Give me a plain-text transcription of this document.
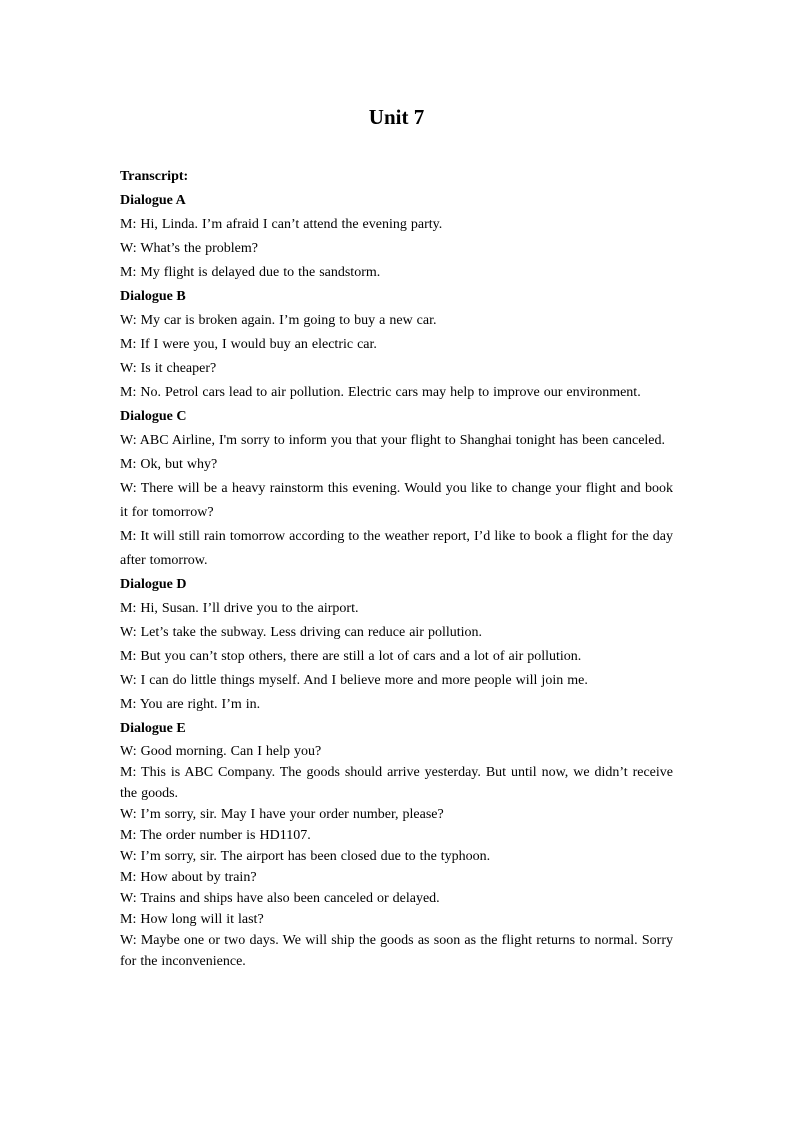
Unit 7
Transcript:
Dialogue A
M: Hi, Linda. I’m afraid I can’t attend the evening party.
W: What’s the problem?
M: My flight is delayed due to the sandstorm.
Dialogue B
W: My car is broken again. I’m going to buy a new car.
M: If I were you, I would buy an electric car.
W: Is it cheaper?
M: No. Petrol cars lead to air pollution. Electric cars may help to improve our environment.
Dialogue C
W: ABC Airline, I'm sorry to inform you that your flight to Shanghai tonight has been canceled.
M: Ok, but why?
W: There will be a heavy rainstorm this evening. Would you like to change your flight and book it for tomorrow?
M: It will still rain tomorrow according to the weather report, I’d like to book a flight for the day after tomorrow.
Dialogue D
M: Hi, Susan. I’ll drive you to the airport.
W: Let’s take the subway. Less driving can reduce air pollution.
M: But you can’t stop others, there are still a lot of cars and a lot of air pollution.
W: I can do little things myself. And I believe more and more people will join me.
M: You are right. I’m in.
Dialogue E
W: Good morning. Can I help you?
M: This is ABC Company. The goods should arrive yesterday. But until now, we didn’t receive the goods.
W: I’m sorry, sir. May I have your order number, please?
M: The order number is HD1107.
W: I’m sorry, sir. The airport has been closed due to the typhoon.
M: How about by train?
W: Trains and ships have also been canceled or delayed.
M: How long will it last?
W: Maybe one or two days. We will ship the goods as soon as the flight returns to normal. Sorry for the inconvenience.
